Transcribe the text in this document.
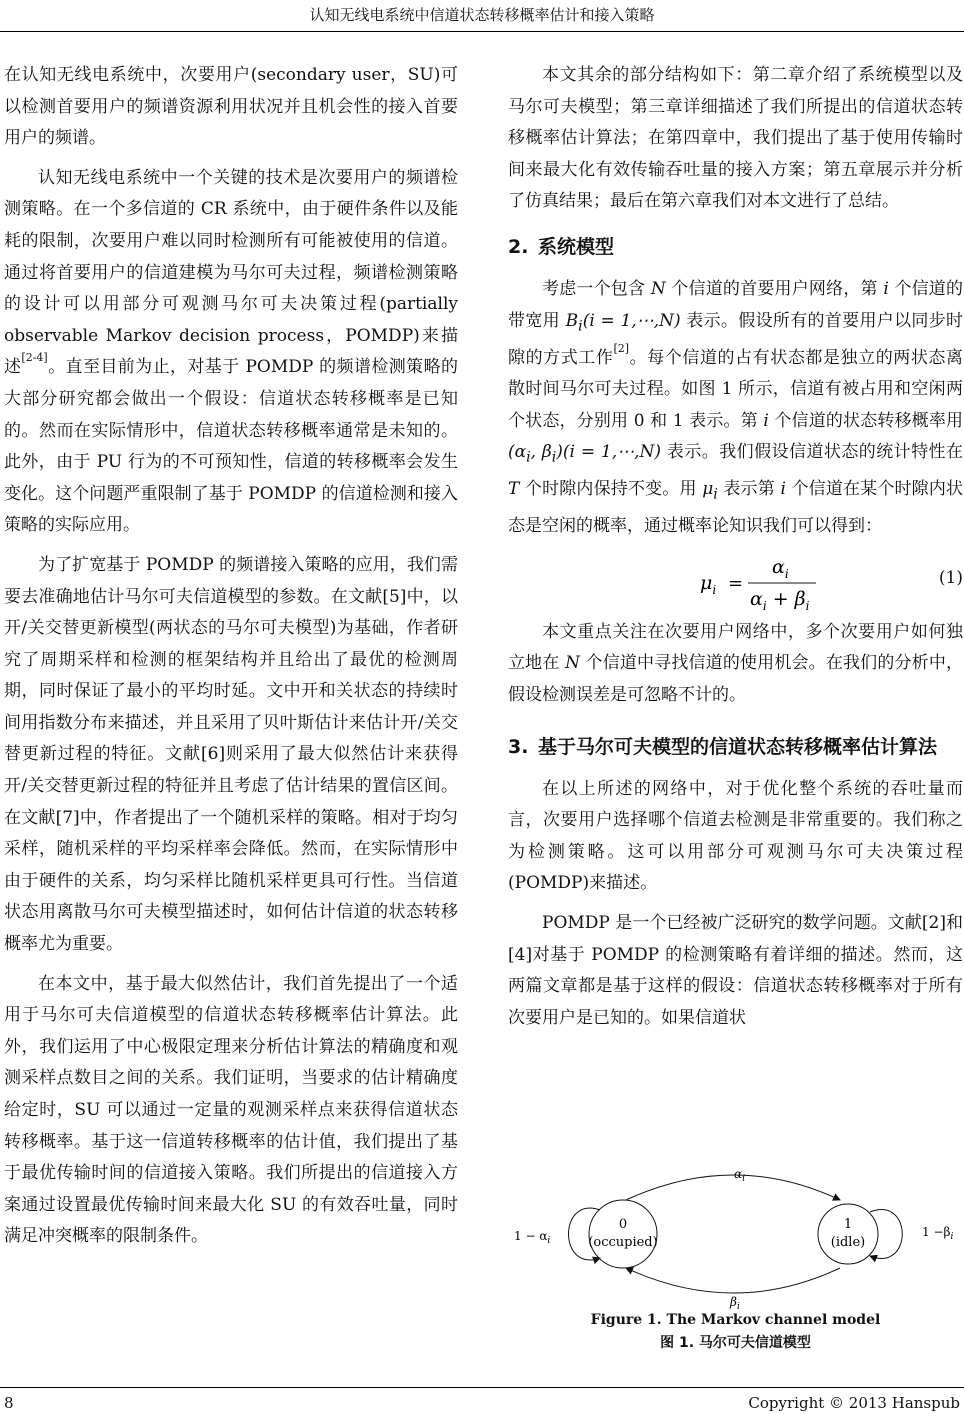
认知无线电系统中信道状态转移概率估计和接入策略

在认知无线电系统中，次要用户(secondary user，SU)可以检测首要用户的频谱资源利用状况并且机会性的接入首要用户的频谱。

认知无线电系统中一个关键的技术是次要用户的频谱检测策略。在一个多信道的 CR 系统中，由于硬件条件以及能耗的限制，次要用户难以同时检测所有可能被使用的信道。通过将首要用户的信道建模为马尔可夫过程，频谱检测策略的设计可以用部分可观测马尔可夫决策过程(partially observable Markov decision process，POMDP)来描述[2-4]。直至目前为止，对基于 POMDP 的频谱检测策略的大部分研究都会做出一个假设：信道状态转移概率是已知的。然而在实际情形中，信道状态转移概率通常是未知的。此外，由于 PU 行为的不可预知性，信道的转移概率会发生变化。这个问题严重限制了基于 POMDP 的信道检测和接入策略的实际应用。

为了扩宽基于 POMDP 的频谱接入策略的应用，我们需要去准确地估计马尔可夫信道模型的参数。在文献[5]中，以开/关交替更新模型(两状态的马尔可夫模型)为基础，作者研究了周期采样和检测的框架结构并且给出了最优的检测周期，同时保证了最小的平均时延。文中开和关状态的持续时间用指数分布来描述，并且采用了贝叶斯估计来估计开/关交替更新过程的特征。文献[6]则采用了最大似然估计来获得开/关交替更新过程的特征并且考虑了估计结果的置信区间。在文献[7]中，作者提出了一个随机采样的策略。相对于均匀采样，随机采样的平均采样率会降低。然而，在实际情形中由于硬件的关系，均匀采样比随机采样更具可行性。当信道状态用离散马尔可夫模型描述时，如何估计信道的状态转移概率尤为重要。

在本文中，基于最大似然估计，我们首先提出了一个适用于马尔可夫信道模型的信道状态转移概率估计算法。此外，我们运用了中心极限定理来分析估计算法的精确度和观测采样点数目之间的关系。我们证明，当要求的估计精确度给定时，SU 可以通过一定量的观测采样点来获得信道状态转移概率。基于这一信道转移概率的估计值，我们提出了基于最优传输时间的信道接入策略。我们所提出的信道接入方案通过设置最优传输时间来最大化 SU 的有效吞吐量，同时满足冲突概率的限制条件。

本文其余的部分结构如下：第二章介绍了系统模型以及马尔可夫模型；第三章详细描述了我们所提出的信道状态转移概率估计算法；在第四章中，我们提出了基于使用传输时间来最大化有效传输吞吐量的接入方案；第五章展示并分析了仿真结果；最后在第六章我们对本文进行了总结。

2. 系统模型

考虑一个包含 N 个信道的首要用户网络，第 i 个信道的带宽用 $B_i(i$ = 1,⋯,N) 表示。假设所有的首要用户以同步时隙的方式工作[2]。每个信道的占有状态都是独立的两状态离散时间马尔可夫过程。如图 1 所示，信道有被占用和空闲两个状态，分别用 0 和 1 表示。第 i 个信道的状态转移概率用 ($\alpha_i$, $\beta_i)(i$ = 1,⋯,N) 表示。我们假设信道状态的统计特性在 T 个时隙内保持不变。用 $\mu_i$ 表示第 i 个信道在某个时隙内状态是空闲的概率，通过概率论知识我们可以得到：

$\mu_i$ =
$\alpha_i$
$\alpha_i + \beta_i$
(1)

本文重点关注在次要用户网络中，多个次要用户如何独立地在 N 个信道中寻找信道的使用机会。在我们的分析中，假设检测误差是可忽略不计的。

3. 基于马尔可夫模型的信道状态转移概率估计算法

在以上所述的网络中，对于优化整个系统的吞吐量而言，次要用户选择哪个信道去检测是非常重要的。我们称之为检测策略。这可以用部分可观测马尔可夫决策过程(POMDP)来描述。

POMDP 是一个已经被广泛研究的数学问题。文献[2]和[4]对基于 POMDP 的检测策略有着详细的描述。然而，这两篇文章都是基于这样的假设：信道状态转移概率对于所有次要用户是已知的。如果信道状

$\alpha_i$
$\beta_i$
0
(occupied)
1
(idle)
$1 - \alpha_i$
$1 -\beta_i$
Figure 1. The Markov channel model
图 1. 马尔可夫信道模型
8	Copyright © 2013 Hanspub
